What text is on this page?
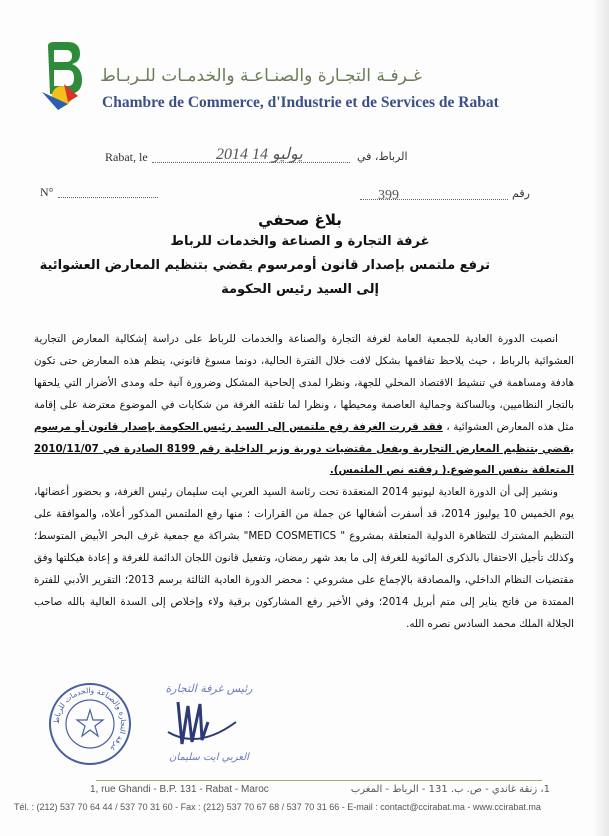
غـرفـة التجـارة والصنـاعـة والخدمـات للـربـاط
Chambre de Commerce, d'Industrie et de Services de Rabat
Rabat, le	2014 يوليو 14	الرباط، في
N°	399	رقم
بلاغ صحفي
غرفة التجارة و الصناعة والخدمات للرباط
ترفع ملتمس بإصدار قانون أومرسوم يقضي بتنظيم المعارض العشوائية
إلى السيد رئيس الحكومة

انصبت الدورة العادية للجمعية العامة لغرفة التجارة والصناعة والخدمات للرباط على دراسة إشكالية المعارض التجارية العشوائية بالرباط ، حيث يلاحظ تفاقمها بشكل لافت خلال الفترة الحالية، دونما مسوغ قانوني، ينظم هذه المعارض حتى تكون هادفة ومساهمة في تنشيط الاقتصاد المحلي للجهة، ونظرا لمدى إلحاحية المشكل وضرورة آنية حله ومدى الأضرار التي يلحقها بالتجار النظاميين، وبالساكنة وجمالية العاصمة ومحيطها ، ونظرا لما تلقته الغرفة من شكايات في الموضوع معترضة على إقامة مثل هذه المعارض العشوائية ، فقد قررت الغرفة رفع ملتمس إلى السيد رئيس الحكومة بإصدار قانون أو مرسوم يقضي بتنظيم المعارض التجارية ويفعل مقتضيات دورية وزير الداخلية رقم 8199 الصادرة في 2010/11/07 المتعلقة بنفس الموضوع.( رفقته نص الملتمس).

ونشير إلى أن الدورة العادية ليونيو 2014 المنعقدة تحت رئاسة السيد العربي ايت سليمان رئيس الغرفة، و بحضور أعضائها، يوم الخميس 10 يوليوز 2014، قد أسفرت أشغالها عن جملة من القرارات : منها رفع الملتمس المذكور أعلاه، والموافقة على التنظيم المشترك للتظاهرة الدولية المتعلقة بمشروع " MED COSMETICS" بشراكة مع جمعية غرف البحر الأبيض المتوسط؛ وكذلك تأجيل الاحتفال بالذكرى المائوية للغرفة إلى ما بعد شهر رمضان، وتفعيل قانون اللجان الدائمة للغرفة و إعادة هيكلتها وفق مقتضيات النظام الداخلي، والمصادقة بالإجماع على مشروعي : محضر الدورة العادية الثالثة برسم 2013؛ التقرير الأدبي للفترة الممتدة من فاتح يناير إلى متم أبريل 2014؛ وفي الأخير رفع المشاركون برقية ولاء وإخلاص إلى السدة العالية بالله صاحب الجلالة الملك محمد السادس نصره الله.

غرفة التجارة والصناعة والخدمات للرباط
رئيس غرفة التجارة
العربي ايت سليمان
1, rue Ghandi - B.P. 131 - Rabat - Maroc	1، زنقة غاندي - ص. ب. 131 - الرباط - المغرب
Tél. : (212) 537 70 64 44 / 537 70 31 60 - Fax : (212) 537 70 67 68 / 537 70 31 66 - E-mail : contact@ccirabat.ma - www.ccirabat.ma
